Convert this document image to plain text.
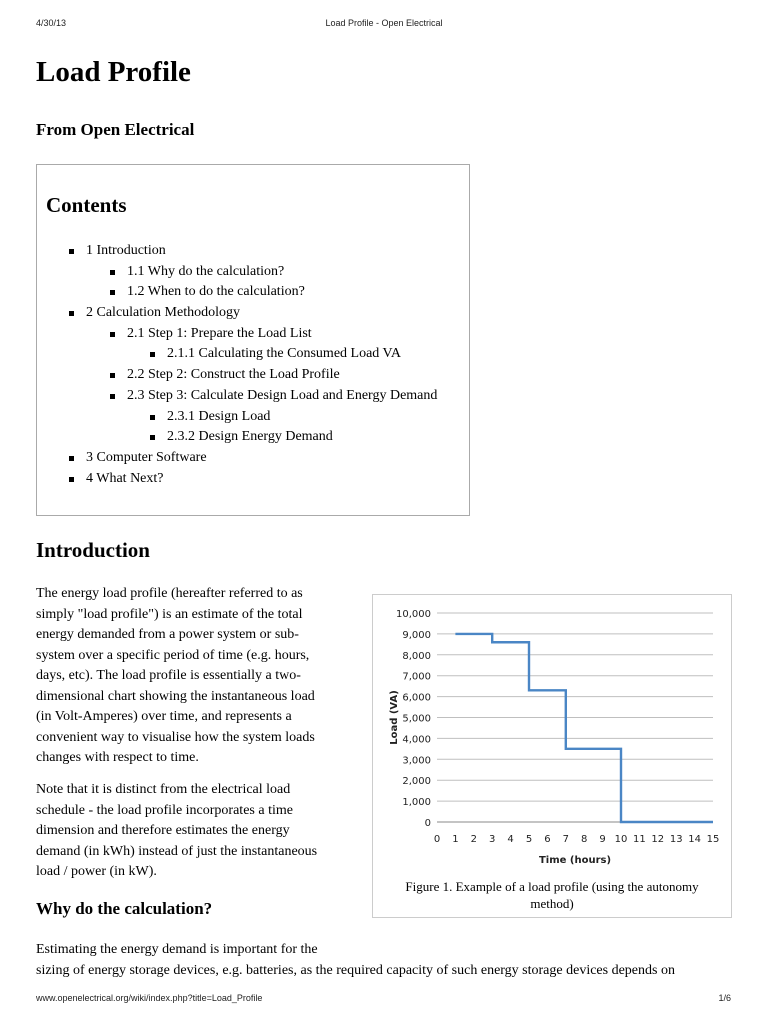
4/30/13	Load Profile - Open Electrical
Load Profile

From Open Electrical

Contents
1 Introduction
1.1 Why do the calculation?
1.2 When to do the calculation?
2 Calculation Methodology
2.1 Step 1: Prepare the Load List
2.1.1 Calculating the Consumed Load VA
2.2 Step 2: Construct the Load Profile
2.3 Step 3: Calculate Design Load and Energy Demand
2.3.1 Design Load
2.3.2 Design Energy Demand
3 Computer Software
4 What Next?
Introduction
The energy load profile (hereafter referred to as
simply "load profile") is an estimate of the total
energy demanded from a power system or sub-
system over a specific period of time (e.g. hours,
days, etc). The load profile is essentially a two-
dimensional chart showing the instantaneous load
(in Volt-Amperes) over time, and represents a
convenient way to visualise how the system loads
changes with respect to time.
Note that it is distinct from the electrical load
schedule - the load profile incorporates a time
dimension and therefore estimates the energy
demand (in kWh) instead of just the instantaneous
load / power (in kW).
0
1,000
2,000
3,000
4,000
5,000
6,000
7,000
8,000
9,000
10,000
0 1 2 3 4 5 6 7 8 9 10 11 12 13 14 15
Time (hours)
Load (VA)
Figure 1. Example of a load profile (using the autonomy
method)
Why do the calculation?
Estimating the energy demand is important for the
sizing of energy storage devices, e.g. batteries, as the required capacity of such energy storage devices depends on
www.openelectrical.org/wiki/index.php?title=Load_Profile	1/6
